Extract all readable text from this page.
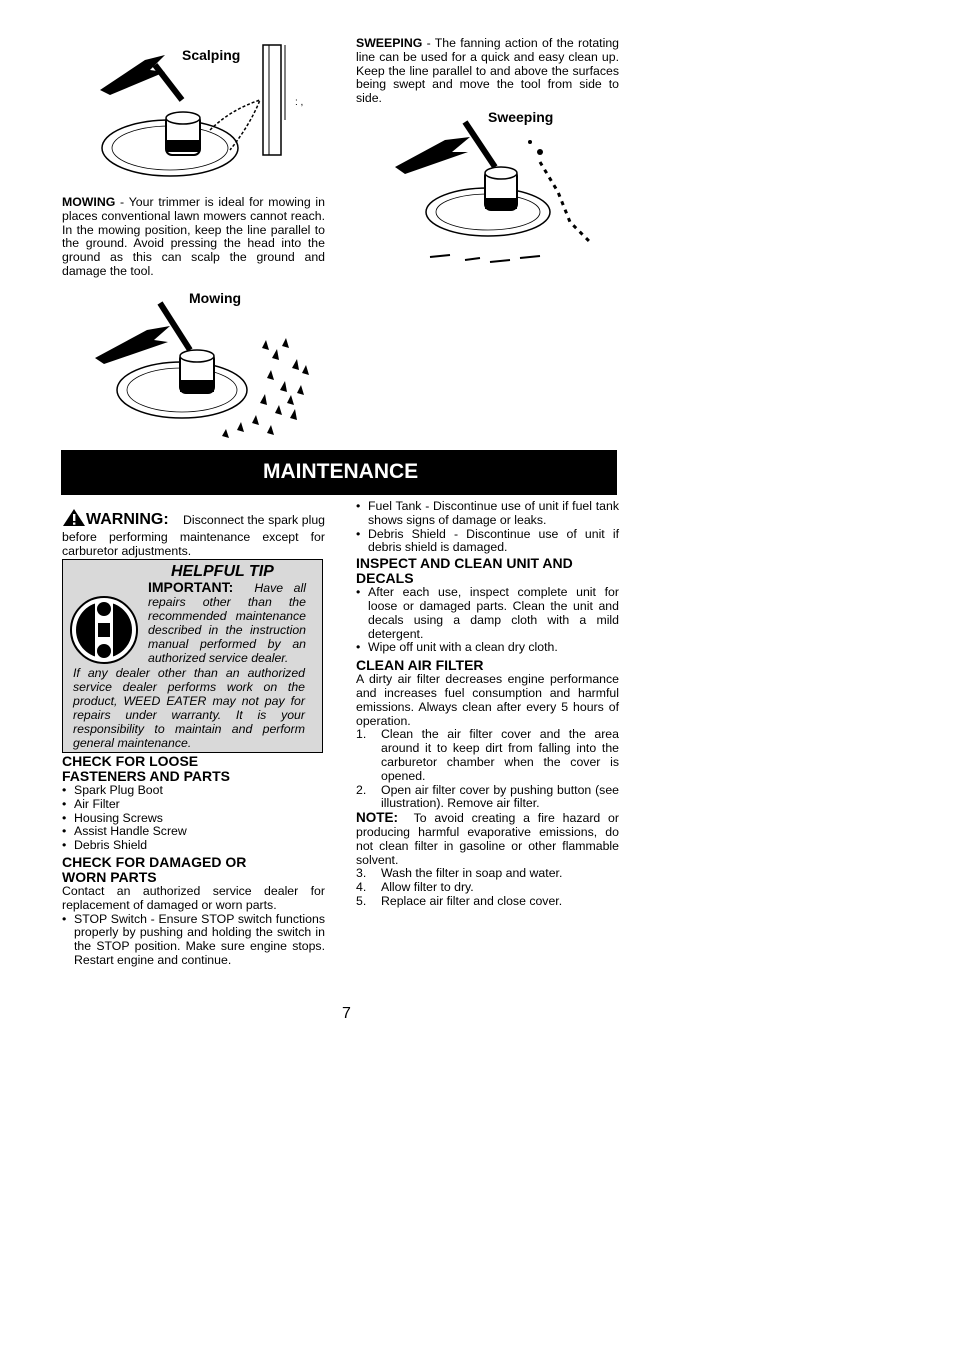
: ,
Scalping

SWEEPING - The fanning action of the rotating line can be used for a quick and easy clean up. Keep the line parallel to and above the surfaces being swept and move the tool from side to side.

Sweeping

MOWING - Your trimmer is ideal for mowing in places conventional lawn mowers cannot reach. In the mowing position, keep the line parallel to the ground. Avoid pressing the head into the ground as this can scalp the ground and damage the tool.

Mowing
MAINTENANCE

WARNING: Disconnect the spark plug before performing maintenance except for carburetor adjustments.

HELPFUL TIP

IMPORTANT: Have all repairs other than the recommended maintenance described in the instruction manual performed by an authorized service dealer.

If any dealer other than an authorized service dealer performs work on the product, WEED EATER may not pay for repairs under warranty. It is your responsibility to maintain and perform general maintenance.

CHECK FOR LOOSE

FASTENERS AND PARTS

• Spark Plug Boot
• Air Filter
• Housing Screws
• Assist Handle Screw
• Debris Shield

CHECK FOR DAMAGED OR

WORN PARTS

Contact an authorized service dealer for replacement of damaged or worn parts.

• STOP Switch - Ensure STOP switch functions properly by pushing and holding the switch in the STOP position. Make sure engine stops. Restart engine and continue.
• Fuel Tank - Discontinue use of unit if fuel tank shows signs of damage or leaks.
• Debris Shield - Discontinue use of unit if debris shield is damaged.

INSPECT AND CLEAN UNIT AND DECALS

• After each use, inspect complete unit for loose or damaged parts. Clean the unit and decals using a damp cloth with a mild detergent.
• Wipe off unit with a clean dry cloth.

CLEAN AIR FILTER

A dirty air filter decreases engine performance and increases fuel consumption and harmful emissions. Always clean after every 5 hours of operation.

1. Clean the air filter cover and the area around it to keep dirt from falling into the carburetor chamber when the cover is opened.
2. Open air filter cover by pushing button (see illustration). Remove air filter.

NOTE: To avoid creating a fire hazard or producing harmful evaporative emissions, do not clean filter in gasoline or other flammable solvent.

3. Wash the filter in soap and water.
4. Allow filter to dry.
5. Replace air filter and close cover.
7
